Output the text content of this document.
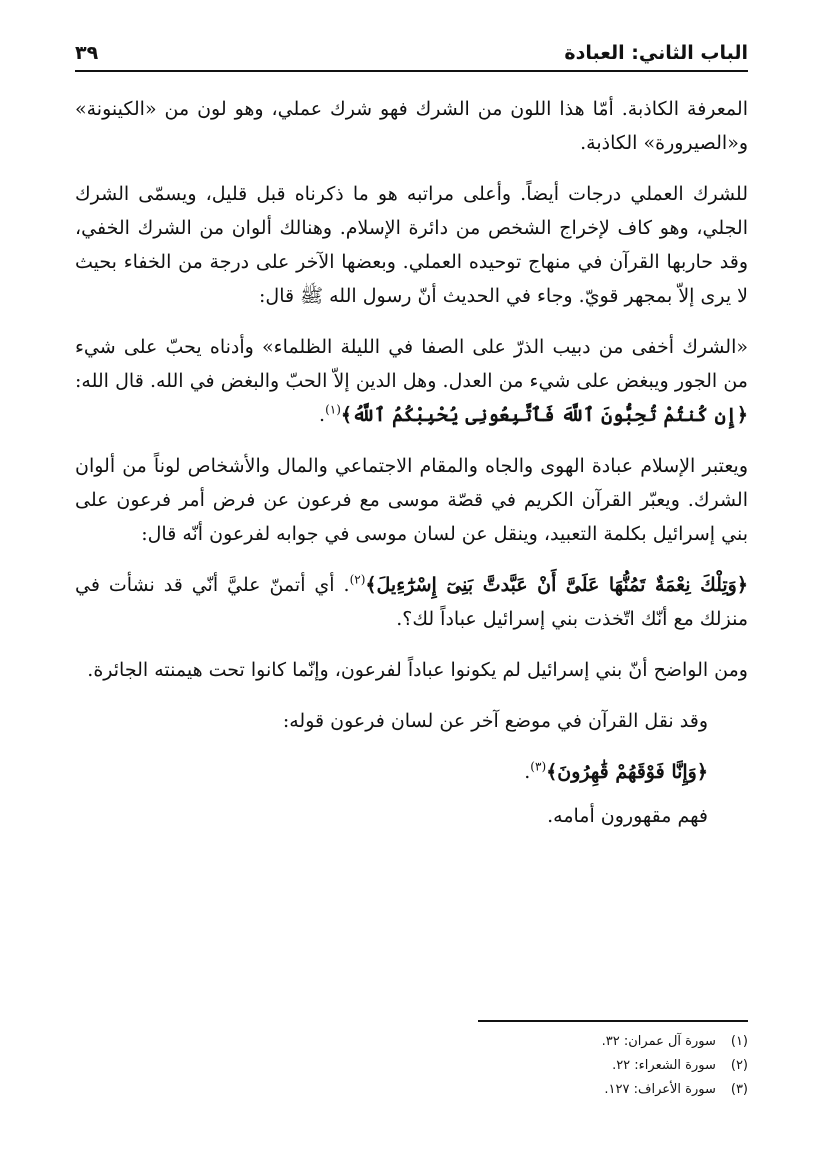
الباب الثاني: العبادة
٣٩

المعرفة الكاذبة. أمّا هذا اللون من الشرك فهو شرك عملي، وهو لون من «الكينونة» و«الصيرورة» الكاذبة.

للشرك العملي درجات أيضاً. وأعلى مراتبه هو ما ذكرناه قبل قليل، ويسمّى الشرك الجلي، وهو كاف لإخراج الشخص من دائرة الإسلام. وهنالك ألوان من الشرك الخفي، وقد حاربها القرآن في منهاج توحيده العملي. وبعضها الآخر على درجة من الخفاء بحيث لا يرى إلاّ بمجهر قويّ. وجاء في الحديث أنّ رسول الله ﷺ قال:

«الشرك أخفى من دبيب الذرّ على الصفا في الليلة الظلماء» وأدناه يحبّ على شيء من الجور ويبغض على شيء من العدل. وهل الدين إلاّ الحبّ والبغض في الله. قال الله: ﴿إِن كُنتُمْ تُحِبُّونَ ٱللَّهَ فَٱتَّبِعُونِى يُحْبِبْكُمُ ٱللَّهُ﴾$^{(١)}$.

ويعتبر الإسلام عبادة الهوى والجاه والمقام الاجتماعي والمال والأشخاص لوناً من ألوان الشرك. ويعبّر القرآن الكريم في قصّة موسى مع فرعون عن فرض أمر فرعون على بني إسرائيل بكلمة التعبيد، وينقل عن لسان موسى في جوابه لفرعون أنّه قال:

﴿وَتِلْكَ نِعْمَةٌ تَمُنُّهَا عَلَىَّ أَنْ عَبَّدتَّ بَنِىٓ إِسْرَٰٓءِيلَ﴾$^{(٢)}$. أي أتمنّ عليَّ أنّي قد نشأت في منزلك مع أنّك اتّخذت بني إسرائيل عباداً لك؟.

ومن الواضح أنّ بني إسرائيل لم يكونوا عباداً لفرعون، وإنّما كانوا تحت هيمنته الجائرة.

وقد نقل القرآن في موضع آخر عن لسان فرعون قوله:

﴿وَإِنَّا فَوْقَهُمْ قَٰهِرُونَ﴾$^{(٣)}$.

فهم مقهورون أمامه.

(١) سورة آل عمران: ٣٢.
(٢) سورة الشعراء: ٢٢.
(٣) سورة الأعراف: ١٢٧.
